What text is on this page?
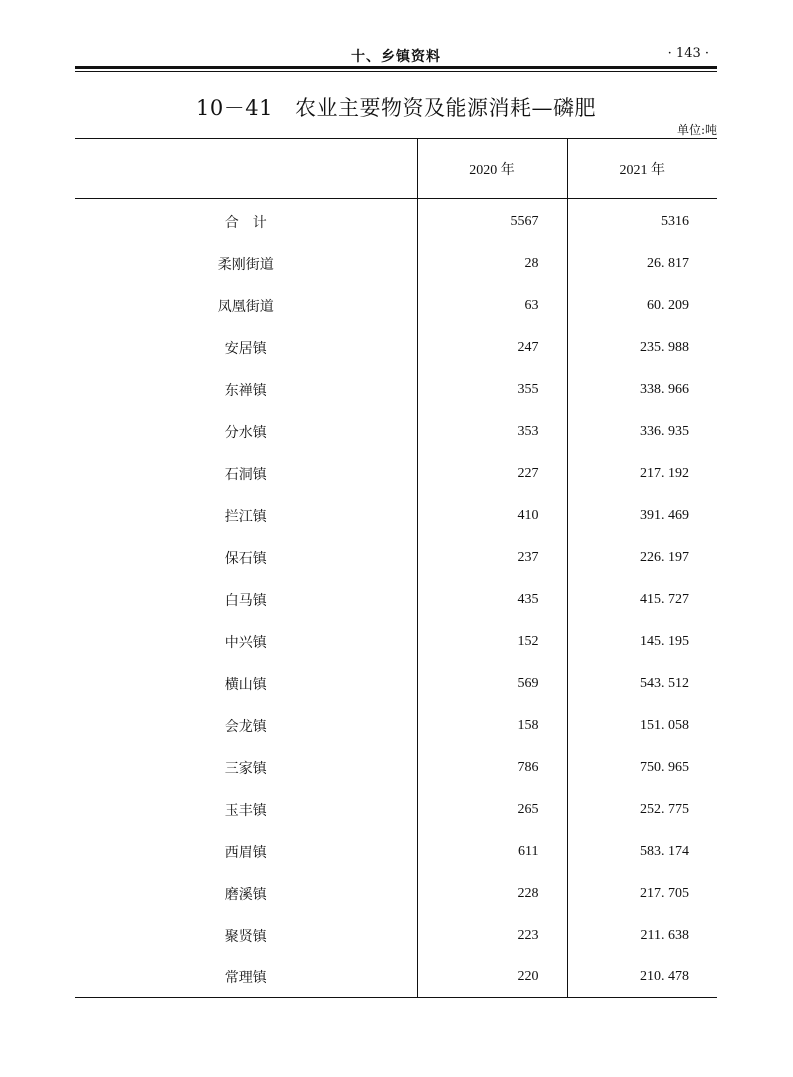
十、乡镇资料	· 143 ·
10－41 农业主要物资及能源消耗—磷肥
单位:吨
	2020 年	2021 年
合　计	5567	5316
柔刚街道	28	26. 817
凤凰街道	63	60. 209
安居镇	247	235. 988
东禅镇	355	338. 966
分水镇	353	336. 935
石洞镇	227	217. 192
拦江镇	410	391. 469
保石镇	237	226. 197
白马镇	435	415. 727
中兴镇	152	145. 195
横山镇	569	543. 512
会龙镇	158	151. 058
三家镇	786	750. 965
玉丰镇	265	252. 775
西眉镇	611	583. 174
磨溪镇	228	217. 705
聚贤镇	223	211. 638
常理镇	220	210. 478
